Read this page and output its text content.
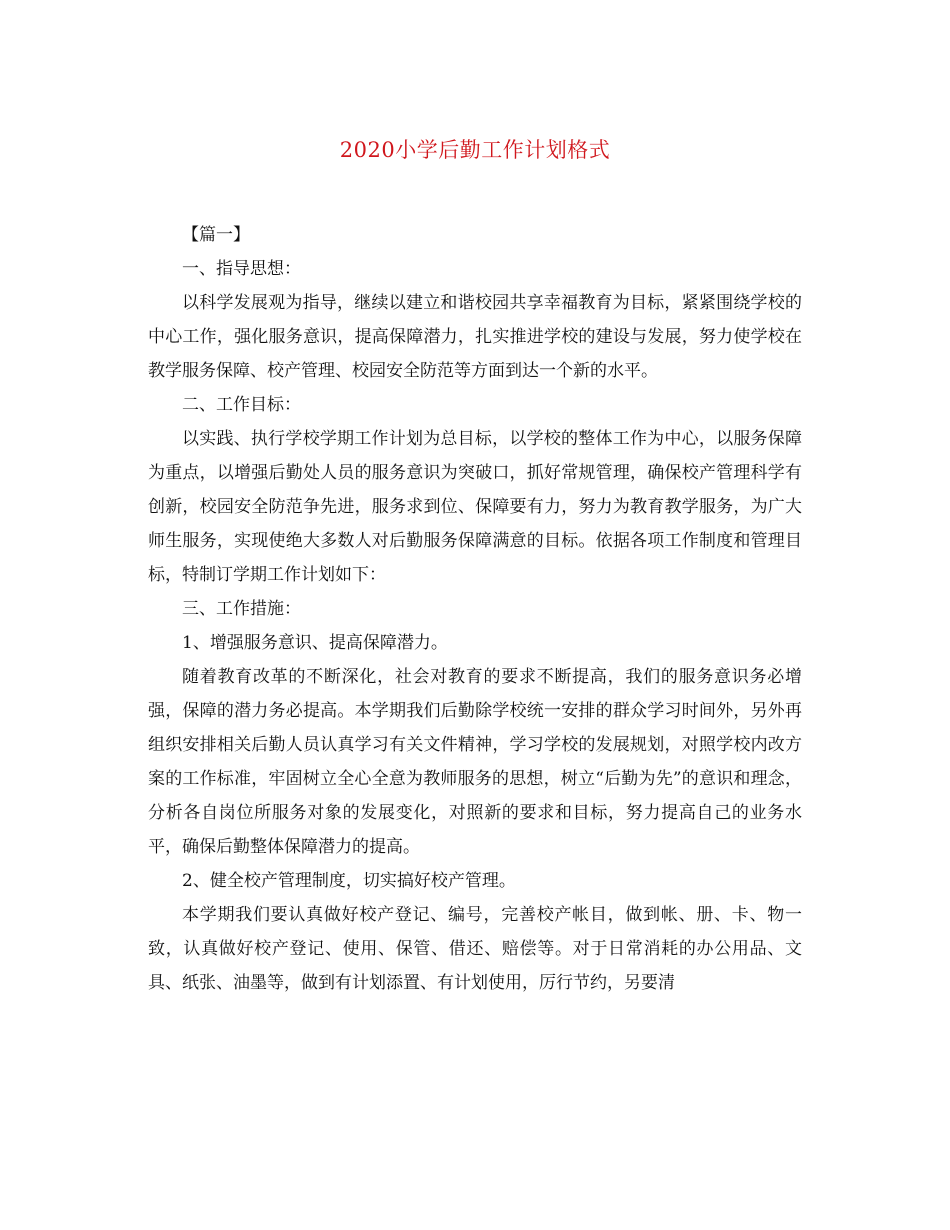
2020小学后勤工作计划格式

【篇一】

一、指导思想：

以科学发展观为指导，继续以建立和谐校园共享幸福教育为目标，紧紧围绕学校的中心工作，强化服务意识，提高保障潜力，扎实推进学校的建设与发展，努力使学校在教学服务保障、校产管理、校园安全防范等方面到达一个新的水平。

二、工作目标：

以实践、执行学校学期工作计划为总目标，以学校的整体工作为中心，以服务保障为重点，以增强后勤处人员的服务意识为突破口，抓好常规管理，确保校产管理科学有创新，校园安全防范争先进，服务求到位、保障要有力，努力为教育教学服务，为广大师生服务，实现使绝大多数人对后勤服务保障满意的目标。依据各项工作制度和管理目标，特制订学期工作计划如下：

三、工作措施：

1、增强服务意识、提高保障潜力。

随着教育改革的不断深化，社会对教育的要求不断提高，我们的服务意识务必增强，保障的潜力务必提高。本学期我们后勤除学校统一安排的群众学习时间外，另外再组织安排相关后勤人员认真学习有关文件精神，学习学校的发展规划，对照学校内改方案的工作标准，牢固树立全心全意为教师服务的思想，树立“后勤为先”的意识和理念，分析各自岗位所服务对象的发展变化，对照新的要求和目标，努力提高自己的业务水平，确保后勤整体保障潜力的提高。

2、健全校产管理制度，切实搞好校产管理。

本学期我们要认真做好校产登记、编号，完善校产帐目，做到帐、册、卡、物一致，认真做好校产登记、使用、保管、借还、赔偿等。对于日常消耗的办公用品、文具、纸张、油墨等，做到有计划添置、有计划使用，厉行节约，另要清
